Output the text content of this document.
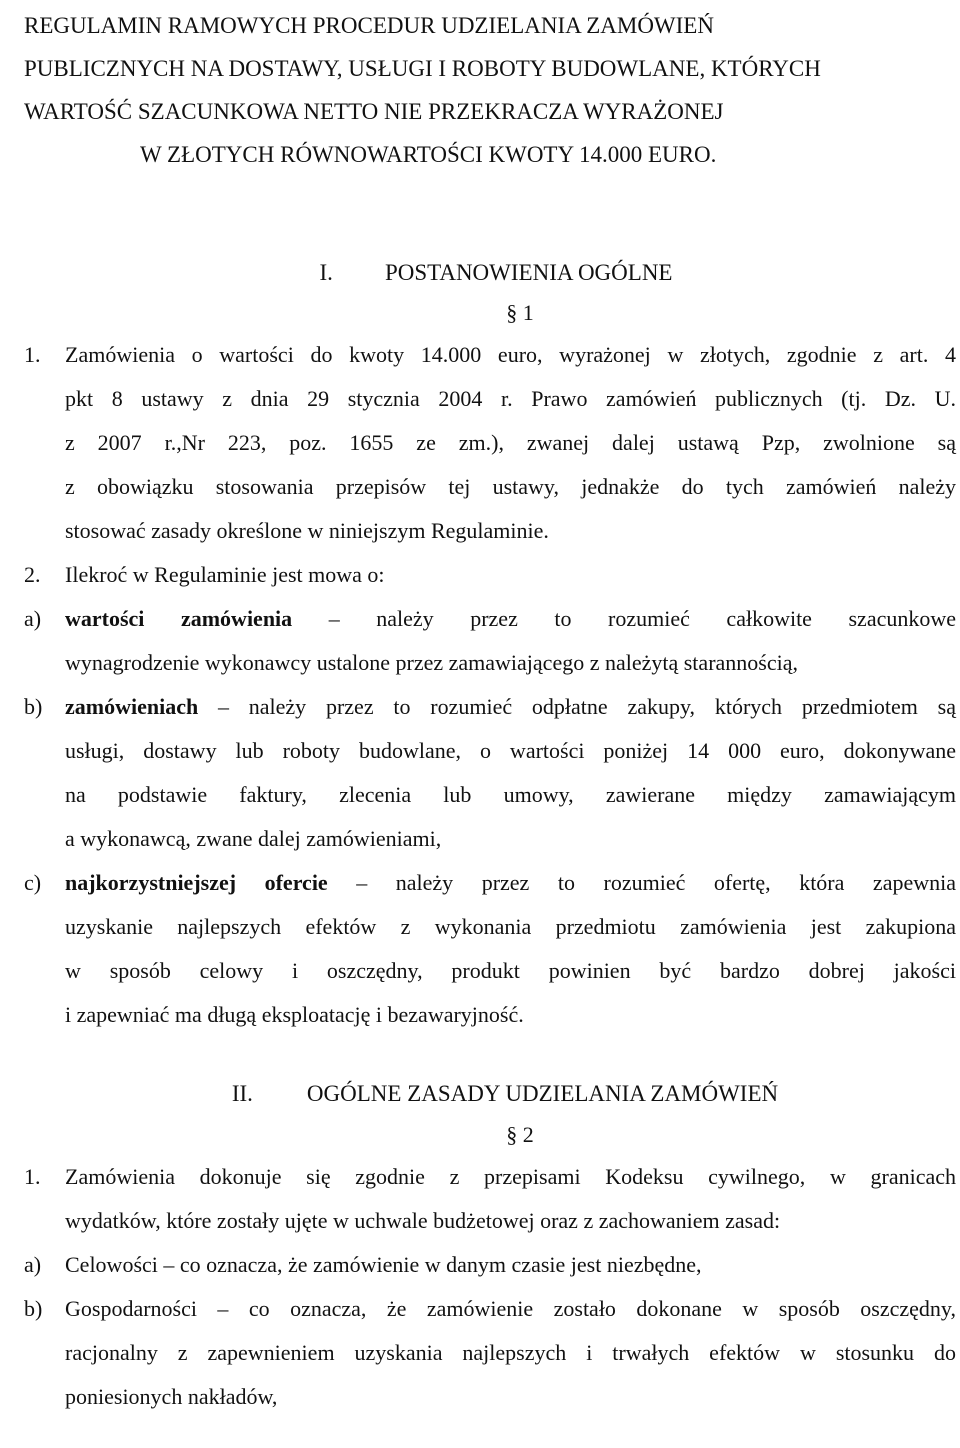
REGULAMIN RAMOWYCH PROCEDUR UDZIELANIA ZAMÓWIEŃ
PUBLICZNYCH NA DOSTAWY, USŁUGI I ROBOTY BUDOWLANE, KTÓRYCH
WARTOŚĆ SZACUNKOWA NETTO NIE PRZEKRACZA WYRAŻONEJ
W ZŁOTYCH RÓWNOWARTOŚCI KWOTY 14.000 EURO.
I. POSTANOWIENIA OGÓLNE
§ 1
1. Zamówienia o wartości do kwoty 14.000 euro, wyrażonej w złotych, zgodnie z art. 4
pkt 8 ustawy z dnia 29 stycznia 2004 r. Prawo zamówień publicznych (tj. Dz. U.
z 2007 r.,Nr 223, poz. 1655 ze zm.), zwanej dalej ustawą Pzp, zwolnione są
z obowiązku stosowania przepisów tej ustawy, jednakże do tych zamówień należy
stosować zasady określone w niniejszym Regulaminie.
2. Ilekroć w Regulaminie jest mowa o:
a) wartości zamówienia – należy przez to rozumieć całkowite szacunkowe
wynagrodzenie wykonawcy ustalone przez zamawiającego z należytą starannością,
b) zamówieniach – należy przez to rozumieć odpłatne zakupy, których przedmiotem są
usługi, dostawy lub roboty budowlane, o wartości poniżej 14 000 euro, dokonywane
na podstawie faktury, zlecenia lub umowy, zawierane między zamawiającym
a wykonawcą, zwane dalej zamówieniami,
c) najkorzystniejszej ofercie – należy przez to rozumieć ofertę, która zapewnia
uzyskanie najlepszych efektów z wykonania przedmiotu zamówienia jest zakupiona
w sposób celowy i oszczędny, produkt powinien być bardzo dobrej jakości
i zapewniać ma długą eksploatację i bezawaryjność.
II. OGÓLNE ZASADY UDZIELANIA ZAMÓWIEŃ
§ 2
1. Zamówienia dokonuje się zgodnie z przepisami Kodeksu cywilnego, w granicach
wydatków, które zostały ujęte w uchwale budżetowej oraz z zachowaniem zasad:
a) Celowości – co oznacza, że zamówienie w danym czasie jest niezbędne,
b) Gospodarności – co oznacza, że zamówienie zostało dokonane w sposób oszczędny,
racjonalny z zapewnieniem uzyskania najlepszych i trwałych efektów w stosunku do
poniesionych nakładów,
